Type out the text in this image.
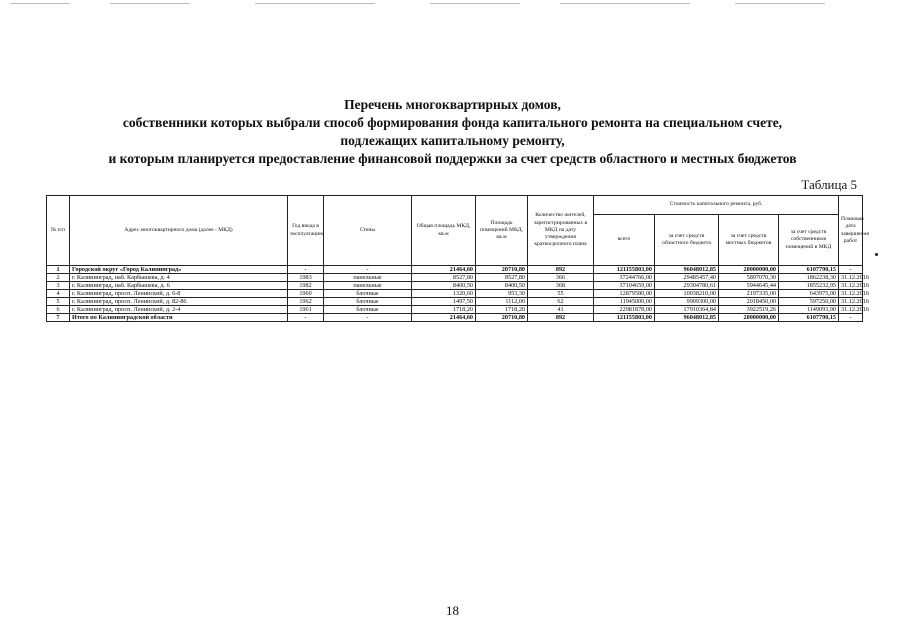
Перечень многоквартирных домов,
собственники которых выбрали способ формирования фонда капитального ремонта на специальном счете,
подлежащих капитальному ремонту,
и которым планируется предоставление финансовой поддержки за счет средств областного и местных бюджетов
Таблица 5
№ п/п	Адрес многоквартирного дома (далее - МКД)	Год ввода в эксплуатацию	Стены	Общая площадь МКД, кв.м	Площадь помещений МКД, кв.м	Количество жителей, зарегистрированных в МКД на дату утверждения краткосрочного плана	Стоимость капитального ремонта, руб.				Плановая дата завершения работ
							всего	за счет средств областного бюджета	за счет средств местных бюджетов	за счет средств собственников помещений в МКД	
1	Городской округ «Город Калининград»	-	-	21464,60	20710,80	892	121155803,00	96048012,85	20000000,00	6107790,15	-
2	г. Калининград, наб. Карбышева, д. 4	1983	панельные	8527,80	8527,80	366	37244766,00	29485457,40	5897070,30	1862238,30	31.12.2016
3	г. Калининград, наб. Карбышева, д. 6	1982	панельные	8400,50	8400,50	368	37104659,00	29304780,61	5944645,44	1855232,95	31.12.2016
4	г. Калининград, просп. Ленинский, д. 6-8	1960	блочные	1320,60	953,30	55	12879580,00	10038210,00	2197335,00	643975,00	31.12.2016
5	г. Калининград, просп. Ленинский, д. 82-86	1962	блочные	1497,50	1112,00	62	11945000,00	9909300,00	2018450,00	597250,00	31.12.2016
6	г. Калининград, просп. Ленинский, д. 2-4	1961	блочные	1718,20	1718,20	41	22981878,00	17910364,84	3922519,26	1149093,90	31.12.2016
7	Итого по Калининградской области	-	-	21464,60	20710,80	892	121155803,00	96048012,85	20000000,00	6107790,15	-
18
